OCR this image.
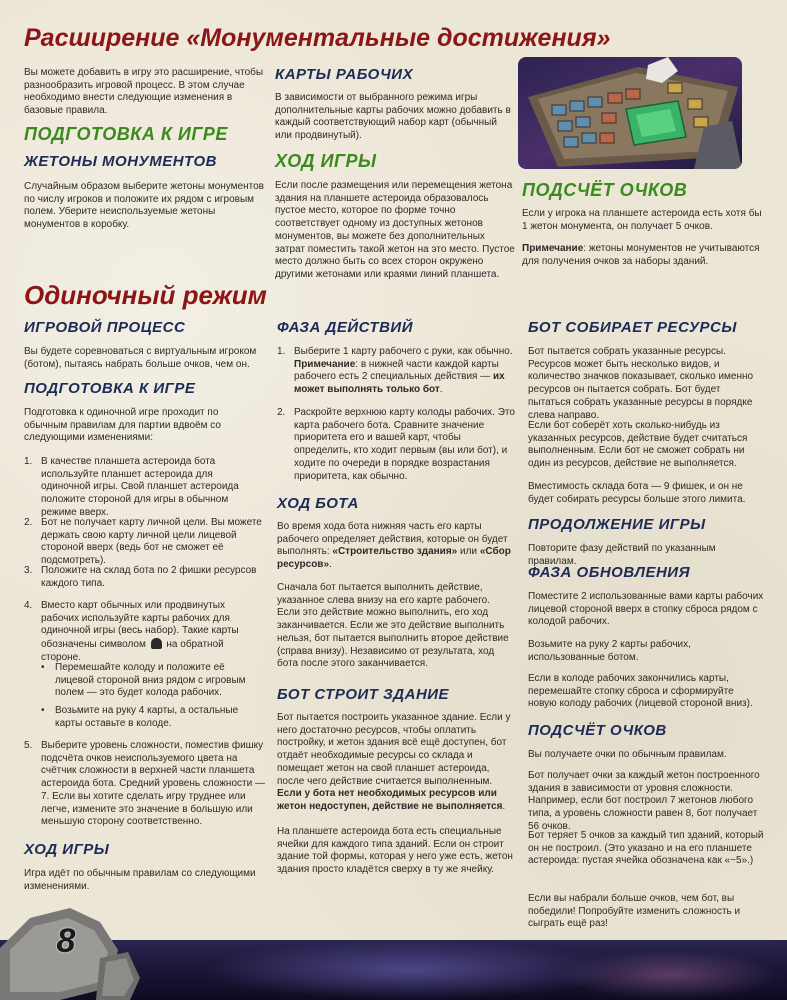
Расширение «Монументальные достижения»

Вы можете добавить в игру это расширение, чтобы разнообразить игровой процесс. В этом случае необходимо внести следующие изменения в базовые правила.

ПОДГОТОВКА К ИГРЕ
ЖЕТОНЫ МОНУМЕНТОВ

Случайным образом выберите жетоны монументов по числу игроков и положите их рядом с игровым полем. Уберите неиспользуемые жетоны монументов в коробку.

КАРТЫ РАБОЧИХ

В зависимости от выбранного режима игры дополнительные карты рабочих можно добавить в каждый соответствующий набор карт (обычный или продвинутый).

ХОД ИГРЫ

Если после размещения или перемещения жетона здания на планшете астероида образовалось пустое место, которое по форме точно соответствует одному из доступных жетонов монументов, вы можете без дополнительных затрат поместить такой жетон на это место. Пустое место должно быть со всех сторон окружено другими жетонами или краями линий планшета.

ПОДСЧЁТ ОЧКОВ

Если у игрока на планшете астероида есть хотя бы 1 жетон монумента, он получает 5 очков.

Примечание: жетоны монументов не учитываются для получения очков за наборы зданий.

Одиночный режим
ИГРОВОЙ ПРОЦЕСС

Вы будете соревноваться с виртуальным игроком (ботом), пытаясь набрать больше очков, чем он.

ПОДГОТОВКА К ИГРЕ

Подготовка к одиночной игре проходит по обычным правилам для партии вдвоём со следующими изменениями:

1. В качестве планшета астероида бота используйте планшет астероида для одиночной игры. Свой планшет астероида положите стороной для игры в обычном режиме вверх.
2. Бот не получает карту личной цели. Вы можете держать свою карту личной цели лицевой стороной вверх (ведь бот не сможет её подсмотреть).
3. Положите на склад бота по 2 фишки ресурсов каждого типа.
4. Вместо карт обычных или продвинутых рабочих используйте карты рабочих для одиночной игры (весь набор). Такие карты обозначены символом на обратной стороне.
• Перемешайте колоду и положите её лицевой стороной вниз рядом с игровым полем — это будет колода рабочих.
• Возьмите на руку 4 карты, а остальные карты оставьте в колоде.
5. Выберите уровень сложности, поместив фишку подсчёта очков неиспользуемого цвета на счётчик сложности в верхней части планшета астероида бота. Средний уровень сложности — 7. Если вы хотите сделать игру труднее или легче, измените это значение в большую или меньшую сторону соответственно.
ХОД ИГРЫ

Игра идёт по обычным правилам со следующими изменениями.

ФАЗА ДЕЙСТВИЙ
1. Выберите 1 карту рабочего с руки, как обычно. Примечание: в нижней части каждой карты рабочего есть 2 специальных действия — их может выполнять только бот.
2. Раскройте верхнюю карту колоды рабочих. Это карта рабочего бота. Сравните значение приоритета его и вашей карт, чтобы определить, кто ходит первым (вы или бот), и ходите по очереди в порядке возрастания приоритета, как обычно.
ХОД БОТА

Во время хода бота нижняя часть его карты рабочего определяет действия, которые он будет выполнять: «Строительство здания» или «Сбор ресурсов».

Сначала бот пытается выполнить действие, указанное слева внизу на его карте рабочего. Если это действие можно выполнить, его ход заканчивается. Если же это действие выполнить нельзя, бот пытается выполнить второе действие (справа внизу). Независимо от результата, ход бота после этого заканчивается.

БОТ СТРОИТ ЗДАНИЕ

Бот пытается построить указанное здание. Если у него достаточно ресурсов, чтобы оплатить постройку, и жетон здания всё ещё доступен, бот отдаёт необходимые ресурсы со склада и помещает жетон на свой планшет астероида, после чего действие считается выполненным. Если у бота нет необходимых ресурсов или жетон недоступен, действие не выполняется.

На планшете астероида бота есть специальные ячейки для каждого типа зданий. Если он строит здание той формы, которая у него уже есть, жетон здания просто кладётся сверху в ту же ячейку.

БОТ СОБИРАЕТ РЕСУРСЫ

Бот пытается собрать указанные ресурсы. Ресурсов может быть несколько видов, и количество значков показывает, сколько именно ресурсов он пытается собрать. Бот будет пытаться собрать указанные ресурсы в порядке слева направо.

Если бот соберёт хоть сколько-нибудь из указанных ресурсов, действие будет считаться выполненным. Если бот не сможет собрать ни один из ресурсов, действие не выполняется.

Вместимость склада бота — 9 фишек, и он не будет собирать ресурсы больше этого лимита.

ПРОДОЛЖЕНИЕ ИГРЫ

Повторите фазу действий по указанным правилам.

ФАЗА ОБНОВЛЕНИЯ

Поместите 2 использованные вами карты рабочих лицевой стороной вверх в стопку сброса рядом с колодой рабочих.

Возьмите на руку 2 карты рабочих, использованные ботом.

Если в колоде рабочих закончились карты, перемешайте стопку сброса и сформируйте новую колоду рабочих (лицевой стороной вниз).

ПОДСЧЁТ ОЧКОВ

Вы получаете очки по обычным правилам.

Бот получает очки за каждый жетон построенного здания в зависимости от уровня сложности. Например, если бот построил 7 жетонов любого типа, а уровень сложности равен 8, бот получает 56 очков.

Бот теряет 5 очков за каждый тип зданий, который он не построил. (Это указано и на его планшете астероида: пустая ячейка обозначена как «−5».)

Если вы набрали больше очков, чем бот, вы победили! Попробуйте изменить сложность и сыграть ещё раз!

8
